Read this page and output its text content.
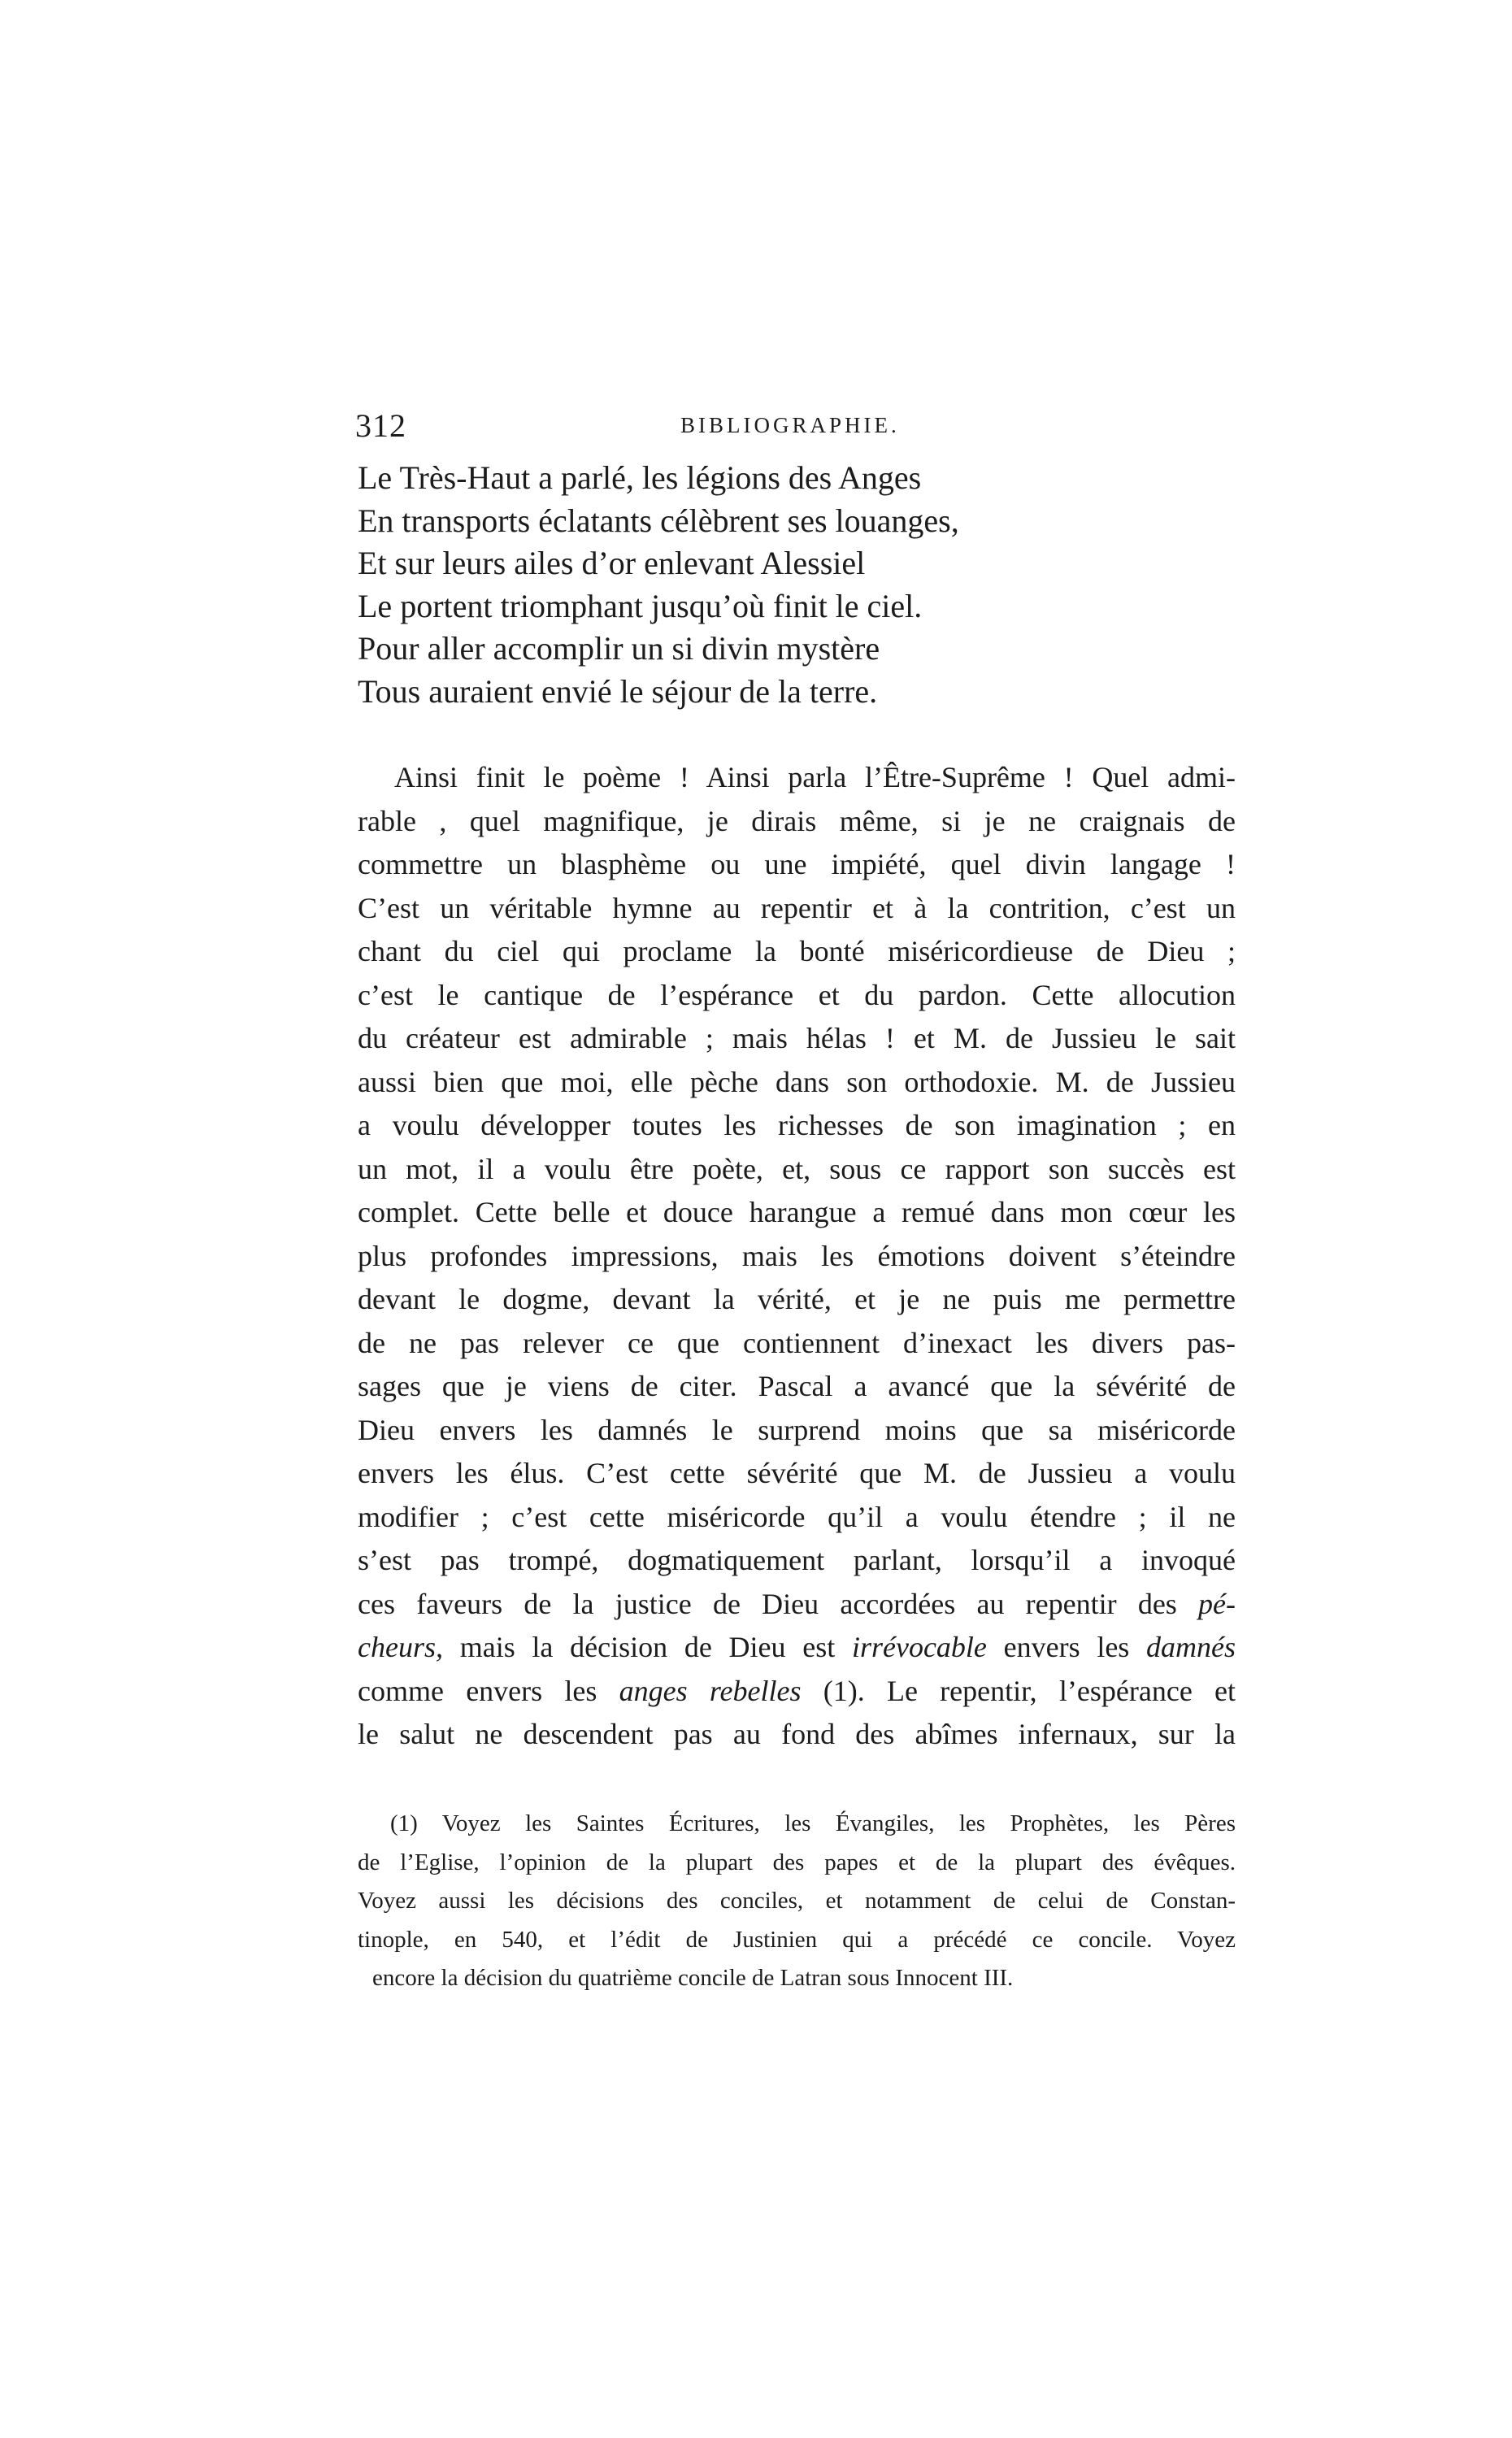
312	BIBLIOGRAPHIE.
Le Très-Haut a parlé, les légions des Anges
En transports éclatants célèbrent ses louanges,
Et sur leurs ailes d’or enlevant Alessiel
Le portent triomphant jusqu’où finit le ciel.
Pour aller accomplir un si divin mystère
Tous auraient envié le séjour de la terre.
Ainsi finit le poème ! Ainsi parla l’Être-Suprême ! Quel admi-
rable , quel magnifique, je dirais même, si je ne craignais de
commettre un blasphème ou une impiété, quel divin langage !
C’est un véritable hymne au repentir et à la contrition, c’est un
chant du ciel qui proclame la bonté miséricordieuse de Dieu ;
c’est le cantique de l’espérance et du pardon. Cette allocution
du créateur est admirable ; mais hélas ! et M. de Jussieu le sait
aussi bien que moi, elle pèche dans son orthodoxie. M. de Jussieu
a voulu développer toutes les richesses de son imagination ; en
un mot, il a voulu être poète, et, sous ce rapport son succès est
complet. Cette belle et douce harangue a remué dans mon cœur les
plus profondes impressions, mais les émotions doivent s’éteindre
devant le dogme, devant la vérité, et je ne puis me permettre
de ne pas relever ce que contiennent d’inexact les divers pas-
sages que je viens de citer. Pascal a avancé que la sévérité de
Dieu envers les damnés le surprend moins que sa miséricorde
envers les élus. C’est cette sévérité que M. de Jussieu a voulu
modifier ; c’est cette miséricorde qu’il a voulu étendre ; il ne
s’est pas trompé, dogmatiquement parlant, lorsqu’il a invoqué
ces faveurs de la justice de Dieu accordées au repentir des pé-
cheurs, mais la décision de Dieu est irrévocable envers les damnés
comme envers les anges rebelles (1). Le repentir, l’espérance et
le salut ne descendent pas au fond des abîmes infernaux, sur la
(1) Voyez les Saintes Écritures, les Évangiles, les Prophètes, les Pères
de l’Eglise, l’opinion de la plupart des papes et de la plupart des évêques.
Voyez aussi les décisions des conciles, et notamment de celui de Constan-
tinople, en 540, et l’édit de Justinien qui a précédé ce concile. Voyez
encore la décision du quatrième concile de Latran sous Innocent III.
